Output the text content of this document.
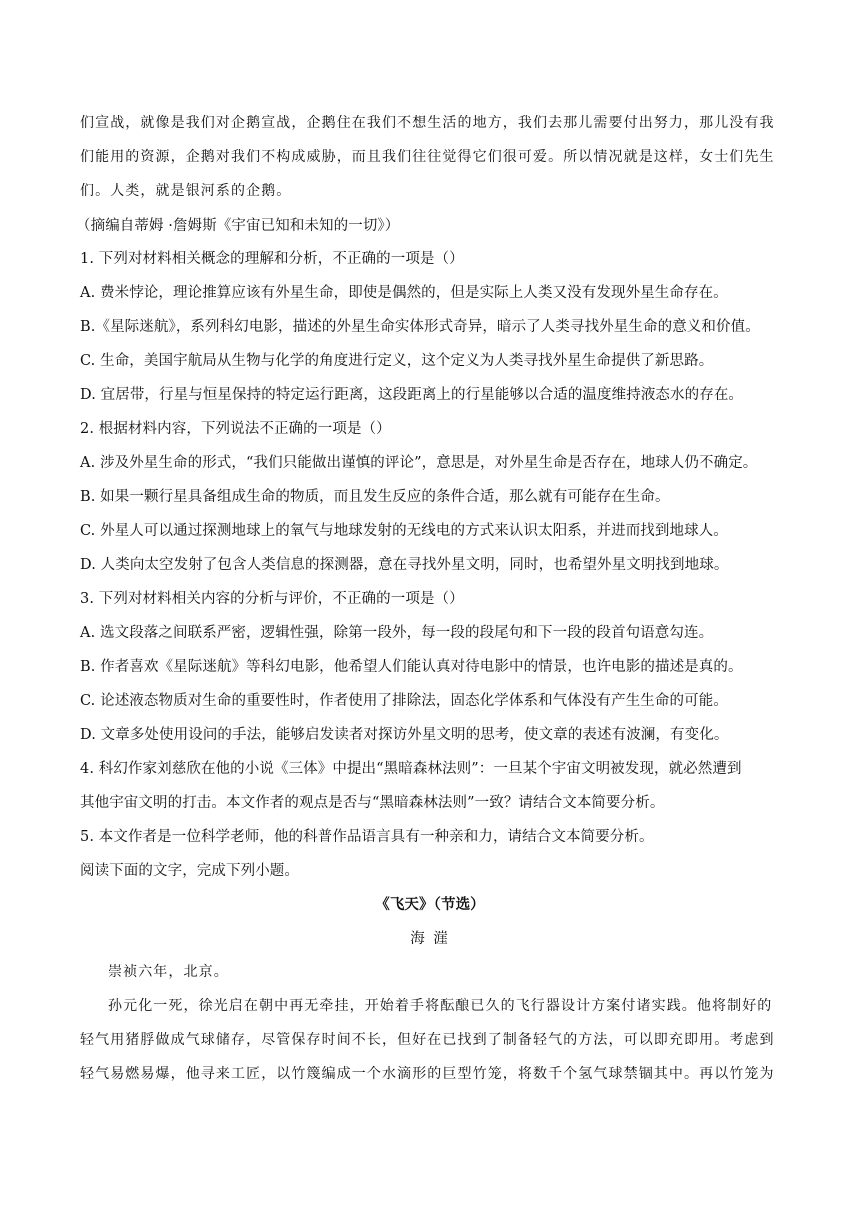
们宣战，就像是我们对企鹅宣战，企鹅住在我们不想生活的地方，我们去那儿需要付出努力，那儿没有我
们能用的资源，企鹅对我们不构成威胁，而且我们往往觉得它们很可爱。所以情况就是这样，女士们先生
们。人类，就是银河系的企鹅。
（摘编自蒂姆 ·詹姆斯《宇宙已知和未知的一切》）
1. 下列对材料相关概念的理解和分析，不正确的一项是（）
A. 费米悖论，理论推算应该有外星生命，即使是偶然的，但是实际上人类又没有发现外星生命存在。
B.《星际迷航》，系列科幻电影，描述的外星生命实体形式奇异，暗示了人类寻找外星生命的意义和价值。
C. 生命，美国宇航局从生物与化学的角度进行定义，这个定义为人类寻找外星生命提供了新思路。
D. 宜居带，行星与恒星保持的特定运行距离，这段距离上的行星能够以合适的温度维持液态水的存在。
2. 根据材料内容，下列说法不正确的一项是（）
A. 涉及外星生命的形式，“我们只能做出谨慎的评论”，意思是，对外星生命是否存在，地球人仍不确定。
B. 如果一颗行星具备组成生命的物质，而且发生反应的条件合适，那么就有可能存在生命。
C. 外星人可以通过探测地球上的氧气与地球发射的无线电的方式来认识太阳系，并进而找到地球人。
D. 人类向太空发射了包含人类信息的探测器，意在寻找外星文明，同时，也希望外星文明找到地球。
3. 下列对材料相关内容的分析与评价，不正确的一项是（）
A. 选文段落之间联系严密，逻辑性强，除第一段外，每一段的段尾句和下一段的段首句语意勾连。
B. 作者喜欢《星际迷航》等科幻电影，他希望人们能认真对待电影中的情景，也许电影的描述是真的。
C. 论述液态物质对生命的重要性时，作者使用了排除法，固态化学体系和气体没有产生生命的可能。
D. 文章多处使用设问的手法，能够启发读者对探访外星文明的思考，使文章的表述有波澜，有变化。
4. 科幻作家刘慈欣在他的小说《三体》中提出“黑暗森林法则”：一旦某个宇宙文明被发现，就必然遭到
其他宇宙文明的打击。本文作者的观点是否与“黑暗森林法则”一致？请结合文本简要分析。
5. 本文作者是一位科学老师，他的科普作品语言具有一种亲和力，请结合文本简要分析。
阅读下面的文字，完成下列小题。
《飞天》（节选）
海 漄
崇祯六年，北京。
孙元化一死，徐光启在朝中再无牵挂，开始着手将酝酿已久的飞行器设计方案付诸实践。他将制好的
轻气用猪脬做成气球储存，尽管保存时间不长，但好在已找到了制备轻气的方法，可以即充即用。考虑到
轻气易燃易爆，他寻来工匠，以竹篾编成一个水滴形的巨型竹笼，将数千个氢气球禁锢其中。再以竹笼为
